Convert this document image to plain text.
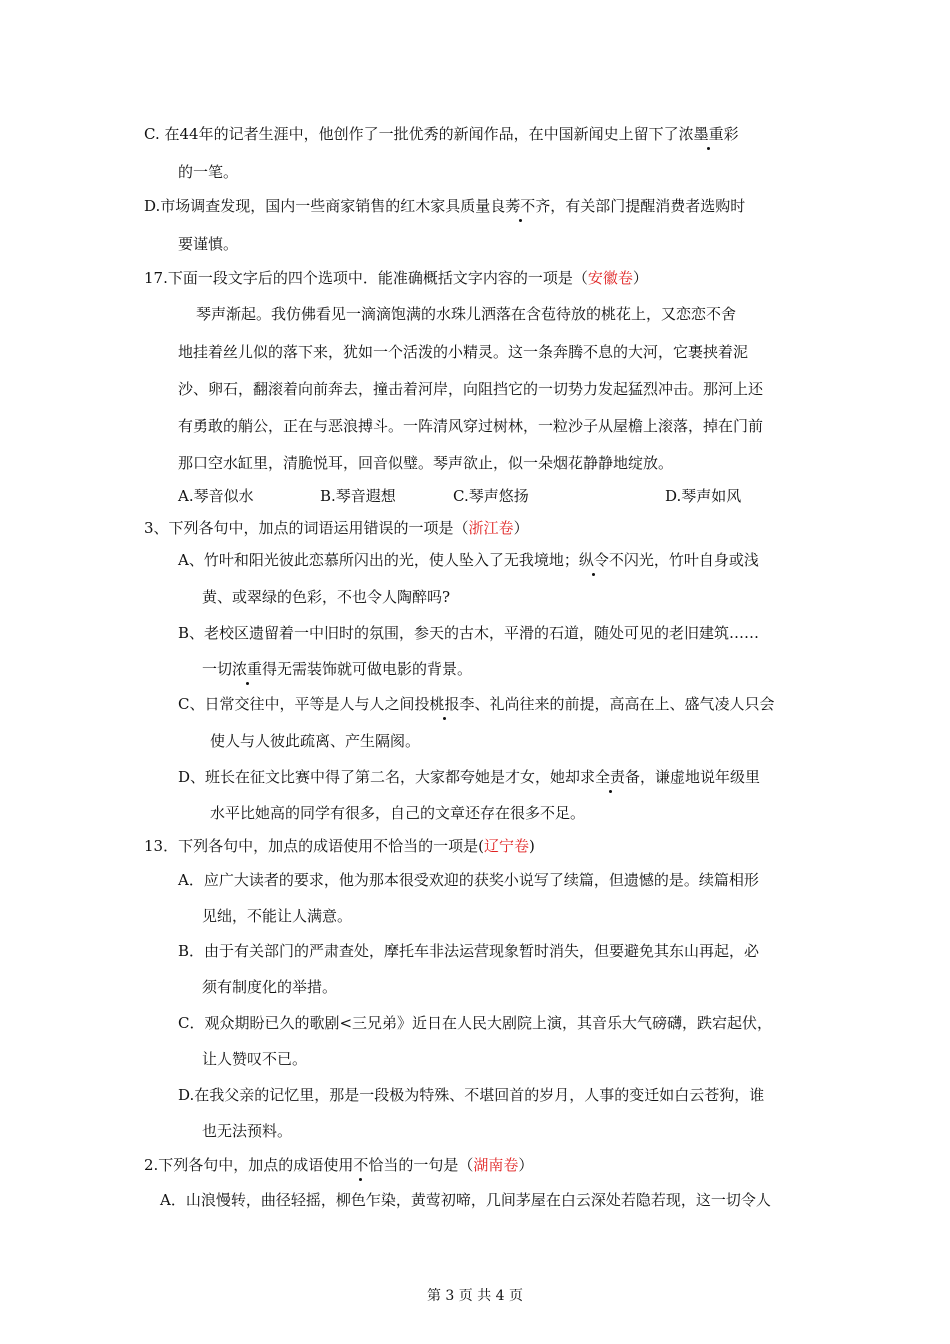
C. 在44年的记者生涯中，他创作了一批优秀的新闻作品，在中国新闻史上留下了浓墨重彩
的一笔。
D.市场调查发现，国内一些商家销售的红木家具质量良莠不齐，有关部门提醒消费者选购时
要谨慎。
17.下面一段文字后的四个选项中．能准确概括文字内容的一项是（安徽卷）
琴声渐起。我仿佛看见一滴滴饱满的水珠儿洒落在含苞待放的桃花上，又恋恋不舍
地挂着丝儿似的落下来，犹如一个活泼的小精灵。这一条奔腾不息的大河，它裹挟着泥
沙、卵石，翻滚着向前奔去，撞击着河岸，向阻挡它的一切势力发起猛烈冲击。那河上还
有勇敢的艄公，正在与恶浪搏斗。一阵清风穿过树林，一粒沙子从屋檐上滚落，掉在门前
那口空水缸里，清脆悦耳，回音似璧。琴声欲止，似一朵烟花静静地绽放。
A.琴音似水	B.琴音遐想	C.琴声悠扬	D.琴声如风
3、下列各句中，加点的词语运用错误的一项是（浙江卷）
A、竹叶和阳光彼此恋慕所闪出的光，使人坠入了无我境地；纵令不闪光，竹叶自身或浅
黄、或翠绿的色彩，不也令人陶醉吗?
B、老校区遗留着一中旧时的氛围，参天的古木，平滑的石道，随处可见的老旧建筑……
一切浓重得无需装饰就可做电影的背景。
C、日常交往中，平等是人与人之间投桃报李、礼尚往来的前提，高高在上、盛气凌人只会
使人与人彼此疏离、产生隔阂。
D、班长在征文比赛中得了第二名，大家都夸她是才女，她却求全责备，谦虚地说年级里
水平比她高的同学有很多，自己的文章还存在很多不足。
13．下列各句中，加点的成语使用不恰当的一项是(辽宁卷)
A．应广大读者的要求，他为那本很受欢迎的获奖小说写了续篇，但遗憾的是。续篇相形
见绌，不能让人满意。
B．由于有关部门的严肃查处，摩托车非法运营现象暂时消失，但要避免其东山再起，必
须有制度化的举措。
C．观众期盼已久的歌剧<三兄弟》近日在人民大剧院上演，其音乐大气磅礴，跌宕起伏，
让人赞叹不已。
D.在我父亲的记忆里，那是一段极为特殊、不堪回首的岁月，人事的变迁如白云苍狗，谁
也无法预料。
2.下列各句中，加点的成语使用不恰当的一句是（湖南卷）
A．山浪慢转，曲径轻摇，柳色乍染，黄莺初啼，几间茅屋在白云深处若隐若现，这一切令人
第 3 页 共 4 页
